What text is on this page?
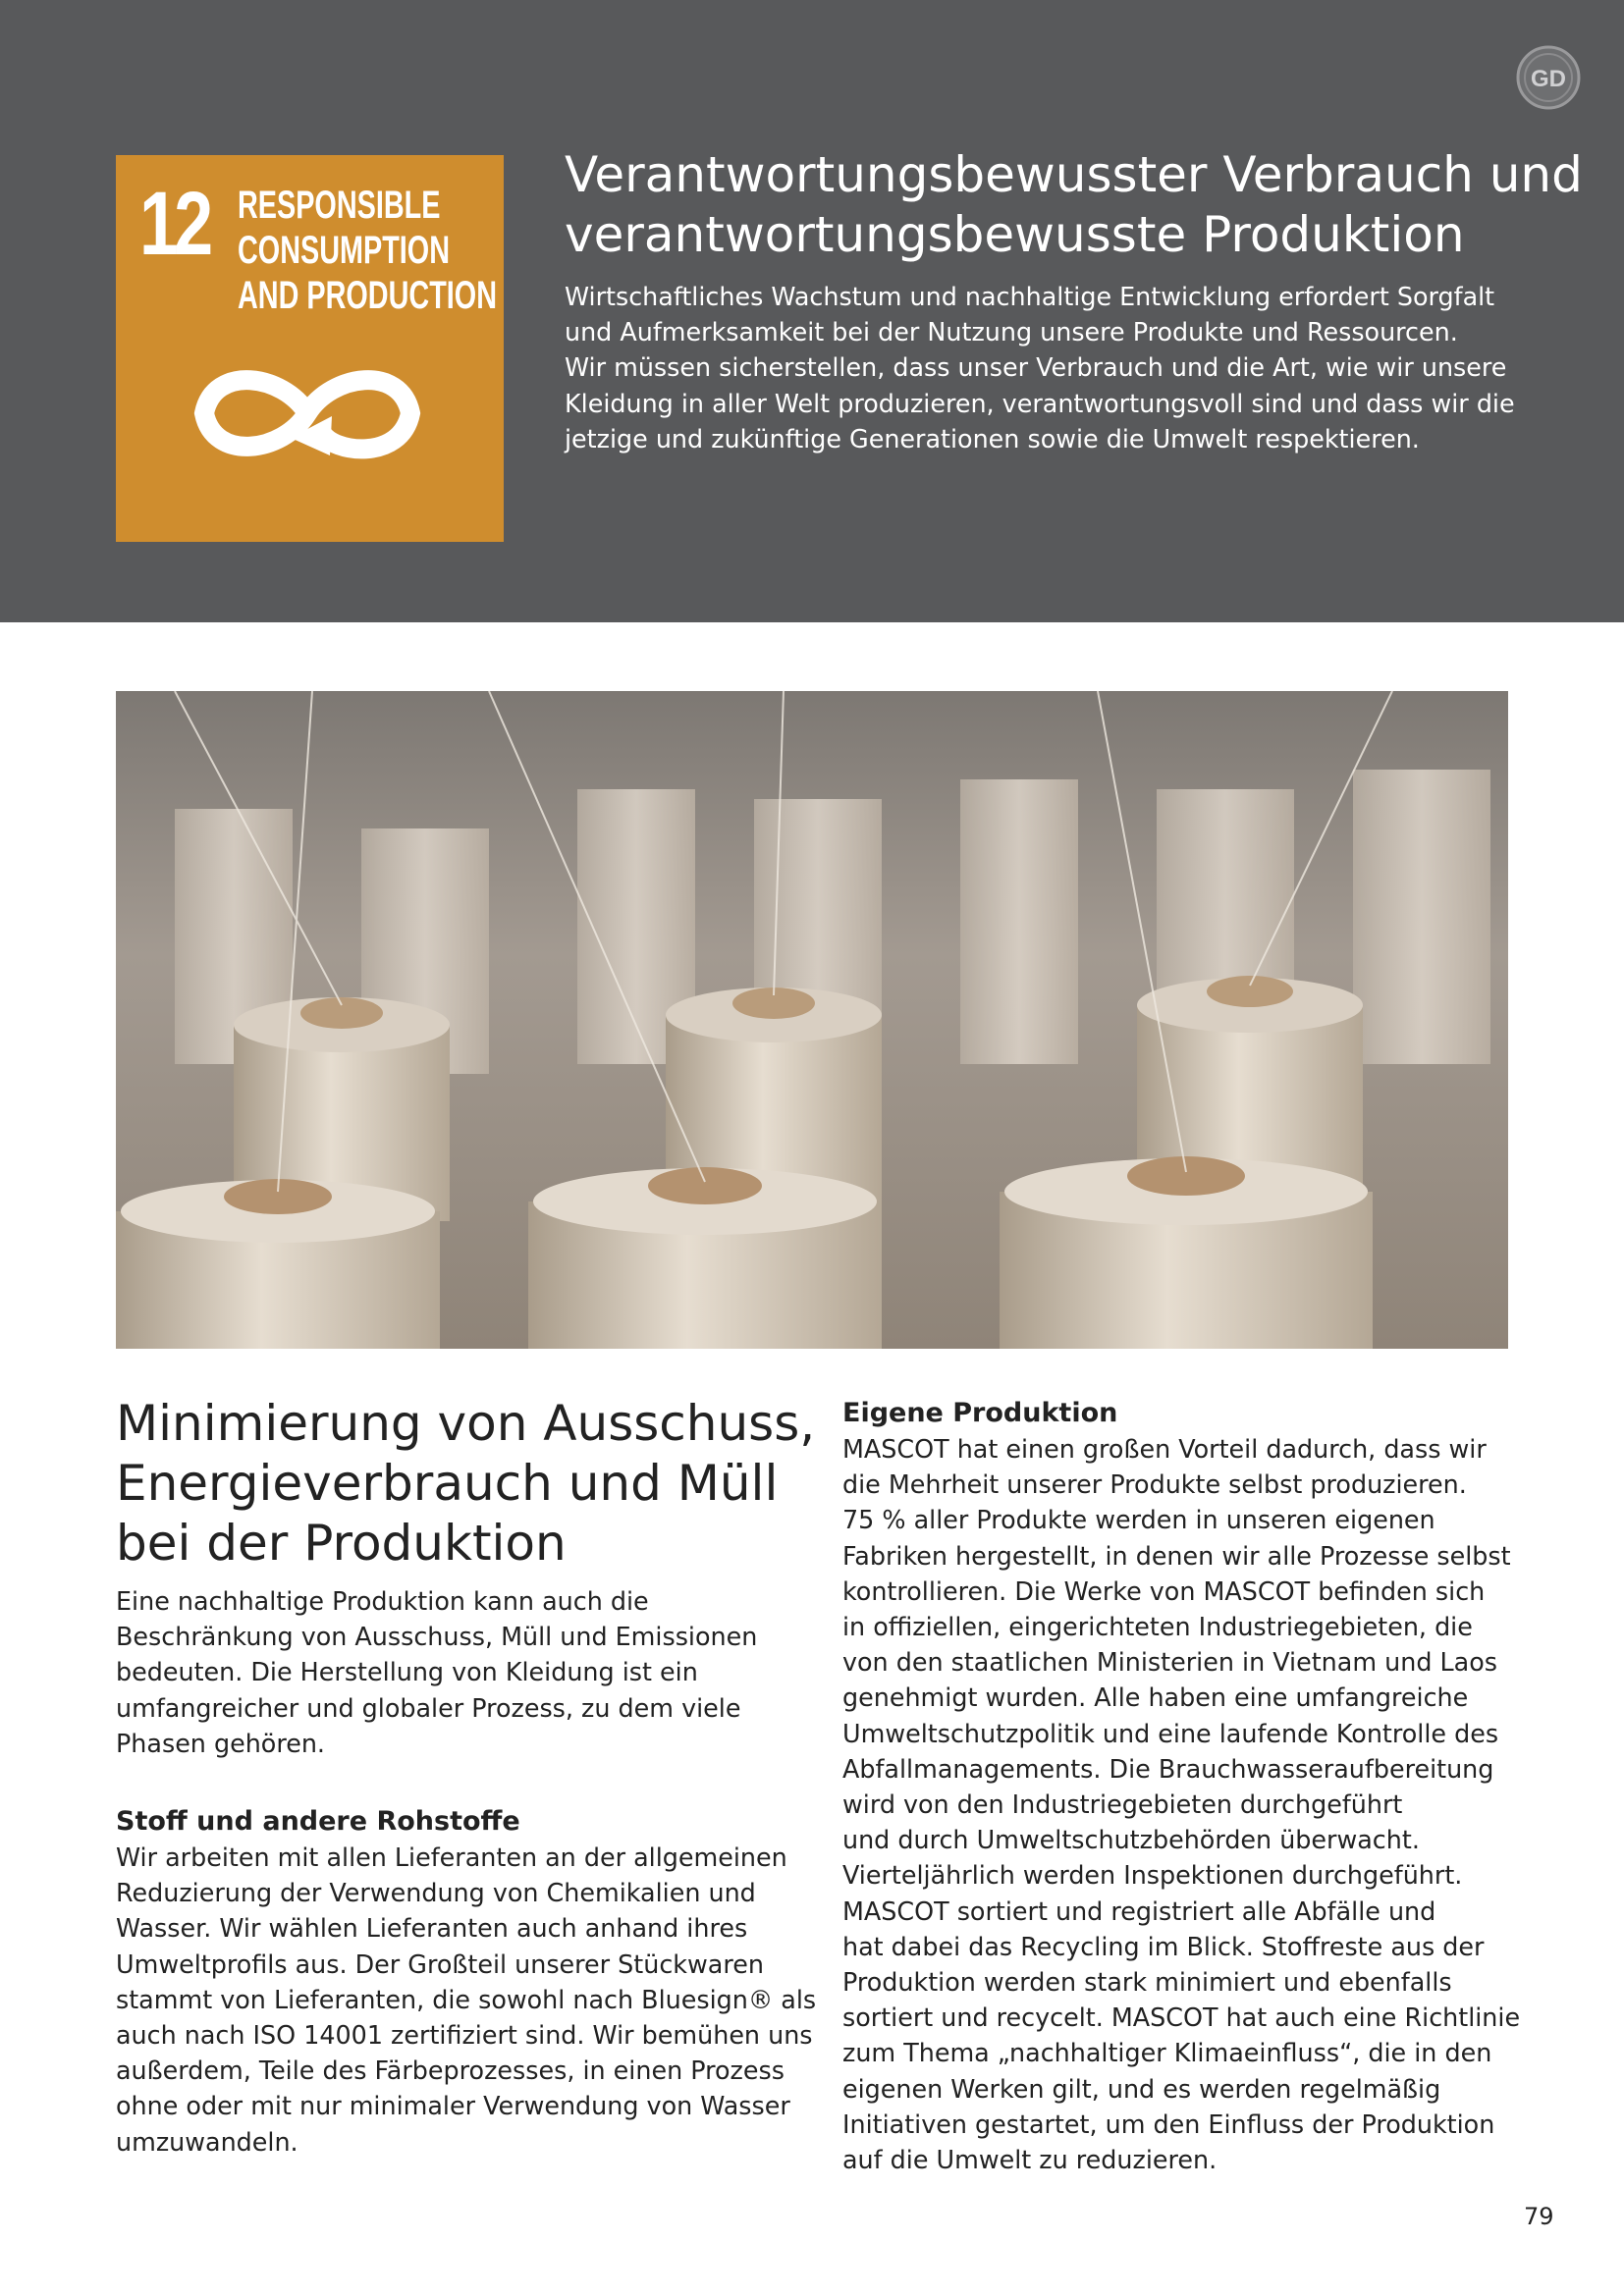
GD
12 RESPONSIBLE
CONSUMPTION
AND PRODUCTION
Verantwortungsbewusster Verbrauch und
verantwortungsbewusste Produktion
Wirtschaftliches Wachstum und nachhaltige Entwicklung erfordert Sorgfalt
und Aufmerksamkeit bei der Nutzung unsere Produkte und Ressourcen.
Wir müssen sicherstellen, dass unser Verbrauch und die Art, wie wir unsere
Kleidung in aller Welt produzieren, verantwortungsvoll sind und dass wir die
jetzige und zukünftige Generationen sowie die Umwelt respektieren.
Minimierung von Ausschuss,
Energieverbrauch und Müll
bei der Produktion

Eine nachhaltige Produktion kann auch die
Beschränkung von Ausschuss, Müll und Emissionen
bedeuten. Die Herstellung von Kleidung ist ein
umfangreicher und globaler Prozess, zu dem viele
Phasen gehören.

Stoff und andere Rohstoffe

Wir arbeiten mit allen Lieferanten an der allgemeinen
Reduzierung der Verwendung von Chemikalien und
Wasser. Wir wählen Lieferanten auch anhand ihres
Umweltprofils aus. Der Großteil unserer Stückwaren
stammt von Lieferanten, die sowohl nach Bluesign® als
auch nach ISO 14001 zertifiziert sind. Wir bemühen uns
außerdem, Teile des Färbeprozesses, in einen Prozess
ohne oder mit nur minimaler Verwendung von Wasser
umzuwandeln.

Eigene Produktion

MASCOT hat einen großen Vorteil dadurch, dass wir
die Mehrheit unserer Produkte selbst produzieren.
75 % aller Produkte werden in unseren eigenen
Fabriken hergestellt, in denen wir alle Prozesse selbst
kontrollieren. Die Werke von MASCOT befinden sich
in offiziellen, eingerichteten Industriegebieten, die
von den staatlichen Ministerien in Vietnam und Laos
genehmigt wurden. Alle haben eine umfangreiche
Umweltschutzpolitik und eine laufende Kontrolle des
Abfallmanagements. Die Brauchwasseraufbereitung
wird von den Industriegebieten durchgeführt
und durch Umweltschutzbehörden überwacht.
Vierteljährlich werden Inspektionen durchgeführt.
MASCOT sortiert und registriert alle Abfälle und
hat dabei das Recycling im Blick. Stoffreste aus der
Produktion werden stark minimiert und ebenfalls
sortiert und recycelt. MASCOT hat auch eine Richtlinie
zum Thema „nachhaltiger Klimaeinfluss“, die in den
eigenen Werken gilt, und es werden regelmäßig
Initiativen gestartet, um den Einfluss der Produktion
auf die Umwelt zu reduzieren.

79
